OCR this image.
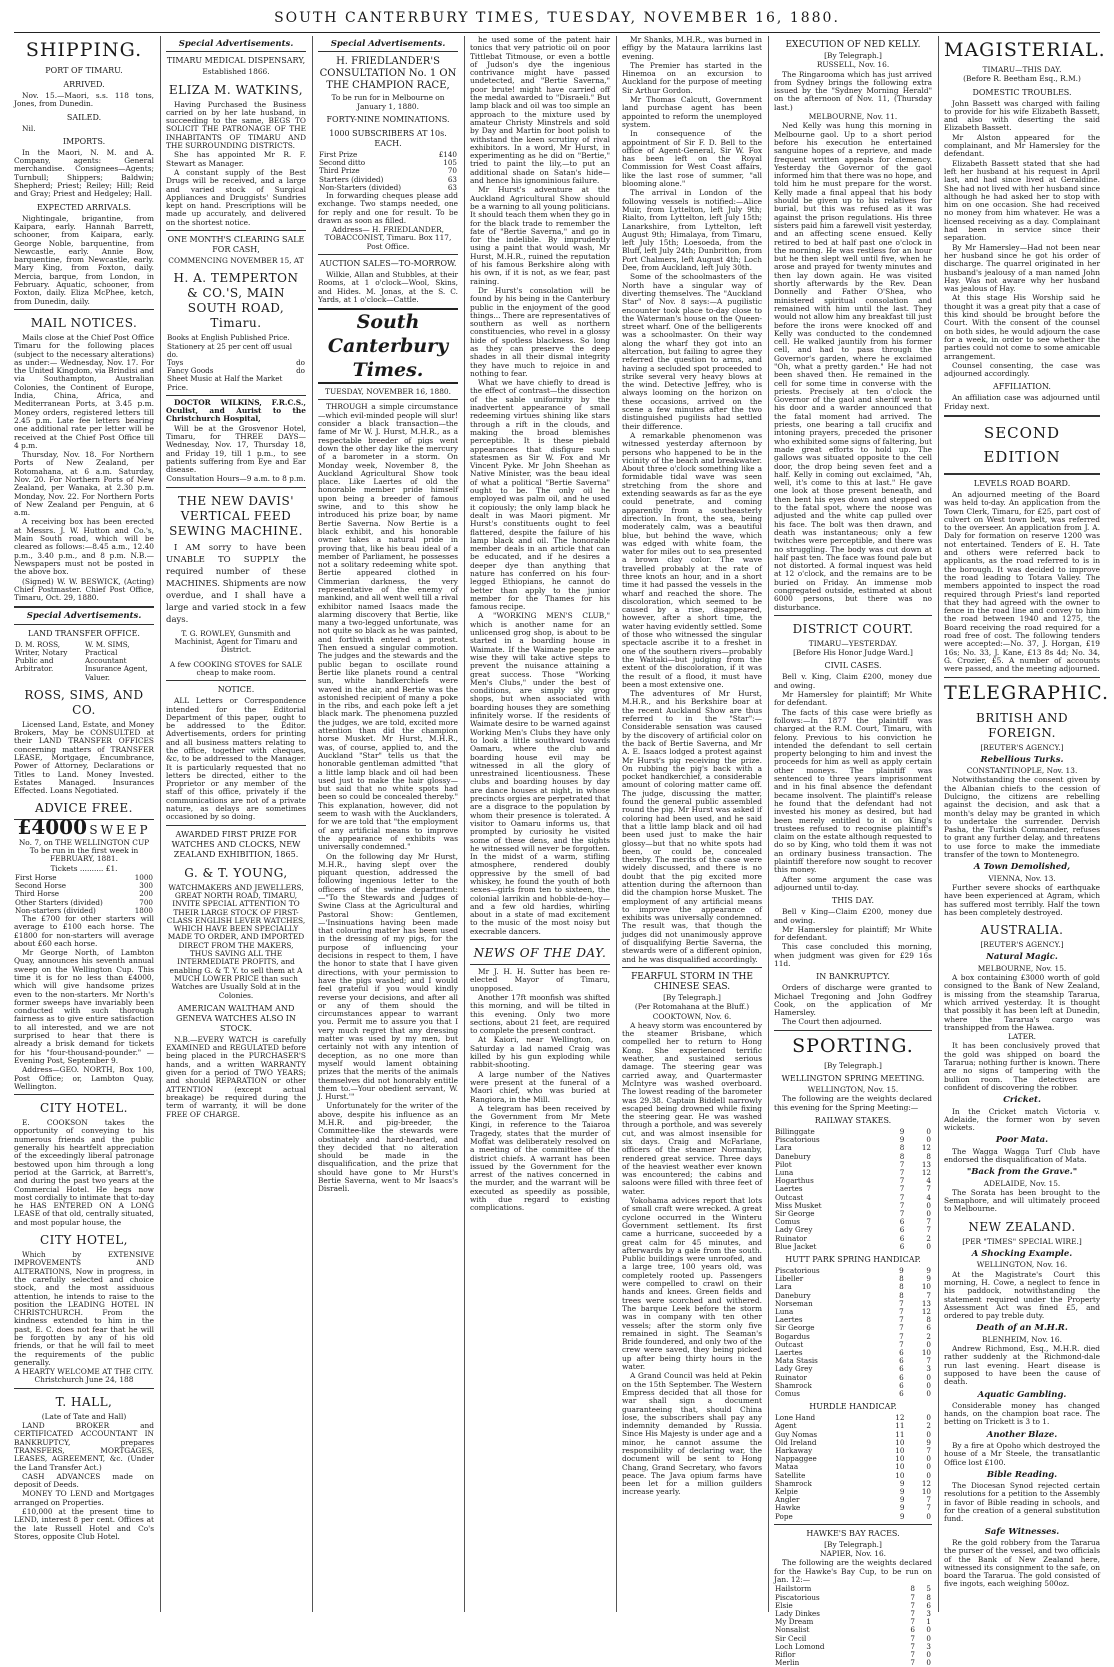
SOUTH CANTERBURY TIMES, TUESDAY, NOVEMBER 16, 1880.
SHIPPING.
PORT OF TIMARU.
ARRIVED.
Nov. 15.—Maori, s.s. 118 tons, Jones, from Dunedin.
SAILED.
Nil.
IMPORTS.
In the Maori, N. M. and A. Company, agents: General merchandise. Consignees—Agents; Turnbull; Shippers; Baldwin; Shepherd; Priest; Reiley; Hill; Reid and Gray; Priest and Hedgeley; Hall.
EXPECTED ARRIVALS.
Nightingale, brigantine, from Kaipara, early. Hannah Barrett, schooner, from Kaipara, early. George Noble, barquentine, from Newcastle, early. Annie Bow, barquentine, from Newcastle, early. Mary King, from Foxton, daily. Mercia, barque, from London, in February. Aquatic, schooner, from Foxton, daily. Eliza McPhee, ketch, from Dunedin, daily.
MAIL NOTICES.
Mails close at the Chief Post Office Timaru for the following places (subject to the necessary alterations) as under:— Wednesday, Nov. 17. For the United Kingdom, via Brindisi and via Southampton, Australian Colonies, the Continent of Europe, India, China, Africa, and Mediterranean Ports, at 3.45 p.m. Money orders, registered letters till 2.45 p.m. Late fee letters bearing one additional rate per letter will be received at the Chief Post Office till 4 p.m.
Thursday, Nov. 18. For Northern Ports of New Zealand, per Rotomahana, at 6 a.m. Saturday, Nov. 20. For Northern Ports of New Zealand, per Wanaka, at 2.30 p.m. Monday, Nov. 22. For Northern Ports of New Zealand per Penguin, at 6 a.m.
A receiving box has been erected at Messrs. J. W. Hutton and Co.'s, Main South road, which will be cleared as follows:—8.45 a.m., 12.40 p.m., 3.40 p.m., and 8 p.m. N.B.—Newspapers must not be posted in the above box.
(Signed) W. W. BESWICK, (Acting) Chief Postmaster. Chief Post Office, Timaru, Oct. 29, 1880.
Special Advertisements.
LAND TRANSFER OFFICE.
D. M. ROSS, Writer, Notary Public and Arbitrator.	W. M. SIMS, Practical Accountant Insurance Agent, Valuer.
ROSS, SIMS, AND CO.
Licensed Land, Estate, and Money Brokers, May be CONSULTED at their LAND TRANSFER OFFICES concerning matters of TRANSFER LEASE, Mortgage, Encumbrance, Power of Attorney, Declarations or Titles to Land. Money Invested. Estates Managed. Insurances Effected. Loans Negotiated.
ADVICE FREE.
£4000 SWEEP
No. 7, on THE WELLINGTON CUP To be run in the first week in FEBRUARY, 1881.
Tickets .......... £1.
First Horse	1000
Second Horse	300
Third Horse	200
Other Starters (divided)	700
Non-starters (divided)	1800
The £700 for other starters will average to £100 each horse. The £1800 for non-starters will average about £60 each horse.
Mr George North, of Lambton Quay, announces his seventh annual sweep on the Wellington Cup. This time it is for no less than £4000, which will give handsome prizes even to the non-starters. Mr North's former sweeps have invariably been conducted with such thorough fairness as to give entire satisfaction to all interested, and we are not surprised to hear that there is already a brisk demand for tickets for his "four-thousand-pounder." — Evening Post, September 9.
Address—GEO. NORTH, Box 100, Post Office; or, Lambton Quay, Wellington.
CITY HOTEL.
E. COOKSON takes the opportunity of conveying to his numerous friends and the public generally his heartfelt appreciation of the exceedingly liberal patronage bestowed upon him through a long period at the Garrick, at Barrett's, and during the past two years at the Commercial Hotel. He begs now most cordially to intimate that to-day he HAS ENTERED ON A LONG LEASE of that old, centrally situated, and most popular house, the
CITY HOTEL,
Which by EXTENSIVE IMPROVEMENTS AND ALTERATIONS, Now in progress, in the carefully selected and choice stock, and the most assiduous attention, he intends to raise to the position the LEADING HOTEL IN CHRISTCHURCH. From the kindness extended to him in the past, E. C. does not fear that he will be forgotten by any of his old friends, or that he will fail to meet the requirements of the public generally.
A HEARTY WELCOME AT THE CITY. Christchurch June 24, 188
T. HALL,
(Late of Tate and Hall)
LAND BROKER and CERTIFICATED ACCOUNTANT IN BANKRUPTCY, prepares TRANSFERS, MORTGAGES, LEASES, AGREEMENT, &c. (Under the Land Transfer Act.)
CASH ADVANCES made on deposit of Deeds.
MONEY TO LEND and Mortgages arranged on Properties.
£10,000 at the present time to LEND, interest 8 per cent. Offices at the late Russell Hotel and Co's Stores, opposite Club Hotel.
Special Advertisements.
TIMARU MEDICAL DISPENSARY,
Established 1866.
ELIZA M. WATKINS,
Having Purchased the Business carried on by her late husband, in succeeding to the same, BEGS TO SOLICIT THE PATRONAGE OF THE INHABITANTS OF TIMARU AND THE SURROUNDING DISTRICTS.
She has appointed Mr R. F. Stewart as Manager.
A constant supply of the Best Drugs will be received, and a large and varied stock of Surgical Appliances and Druggists' Sundries kept on hand. Prescriptions will be made up accurately, and delivered on the shortest notice.
ONE MONTH'S CLEARING SALE FOR CASH,
COMMENCING NOVEMBER 15, AT
H. A. TEMPERTON & CO.'S, MAIN SOUTH ROAD, Timaru.
Books at English Published Price.	
Stationery at 25 per cent off usual do.	
Toys	do
Fancy Goods	do
Sheet Music at Half the Market Price.	
DOCTOR WILKINS, F.R.C.S., Oculist, and Aurist to the Christchurch Hospital,
Will be at the Grosvenor Hotel, Timaru, for THREE DAYS—Wednesday, Nov. 17, Thursday 18, and Friday 19, till 1 p.m., to see patients suffering from Eye and Ear disease.
Consultation Hours—9 a.m. to 8 p.m.
THE NEW DAVIS' VERTICAL FEED SEWING MACHINE.
I AM sorry to have been UNABLE TO SUPPLY the required number of these MACHINES. Shipments are now overdue, and I shall have a large and varied stock in a few days.
T. G. ROWLEY, Gunsmith and Machinist, Agent for Timaru and District.
A few COOKING STOVES for SALE cheap to make room.
NOTICE.
ALL Letters or Correspondence intended for the Editorial Department of this paper, ought to be addressed to the Editor. Advertisements, orders for printing and all business matters relating to the office, together with cheques, &c, to be addressed to the Manager. It is particularly requested that no letters be directed, either to the Proprietor or any member of the staff of this office, privately if the communications are not of a private nature, as delays are sometimes occasioned by so doing.
AWARDED FIRST PRIZE FOR WATCHES AND CLOCKS, NEW ZEALAND EXHIBITION, 1865.
G. & T. YOUNG,
WATCHMAKERS AND JEWELLERS, GREAT NORTH ROAD, TIMARU, INVITE SPECIAL ATTENTION TO THEIR LARGE STOCK OF FIRST-CLASS ENGLISH LEVER WATCHES, WHICH HAVE BEEN SPECIALLY MADE TO ORDER, AND IMPORTED DIRECT FROM THE MAKERS, THUS SAVING ALL THE INTERMEDIATE PROFITS, and enabling G. & T. Y. to sell them at A MUCH LOWER PRICE than such Watches are Usually Sold at in the Colonies.
AMERICAN WALTHAM AND GENEVA WATCHES ALSO IN STOCK.
N.B.—EVERY WATCH is carefully EXAMINED and REGULATED before being placed in the PURCHASER'S hands, and a written WARRANTY given for a period of TWO YEARS; and should REPARATION or other ATTENTION (except actual breakage) be required during the term of warranty, it will be done FREE OF CHARGE.
Special Advertisements.
H. FRIEDLANDER'S CONSULTATION No. 1 ON THE CHAMPION RACE,
To be run for in Melbourne on January 1, 1880.
FORTY-NINE NOMINATIONS.
1000 SUBSCRIBERS AT 10s. EACH.
First Prize	£140
Second ditto	105
Third Prize	70
Starters (divided)	63
Non-Starters (divided)	63
In forwarding cheques please add exchange. Two stamps needed, one for reply and one for result. To be drawn as soon as filled.
Address— H. FRIEDLANDER, TOBACCONIST, Timaru. Box 117, Post Office.
AUCTION SALES—TO-MORROW.
Wilkie, Allan and Stubbles, at their Rooms, at 1 o'clock—Wool, Skins, and Hides. M. Jonas, at the S. C. Yards, at 1 o'clock—Cattle.
South Canterbury Times.
TUESDAY, NOVEMBER 16, 1880.
THROUGH a simple circumstance—which evil-minded people will slur! consider a black transaction—the fame of Mr W. J. Hurst, M.H.R., as a respectable breeder of pigs went down the other day like the mercury of a barometer in a storm. On Monday week, November 8, the Auckland Agricultural Show took place. Like Laertes of old the honorable member pride himself upon being a breeder of famous swine, and to this show he introduced his prize boar, by name Bertie Saverna. Now Bertie is a black exhibit, and his honorable owner takes a natural pride in proving that, like his beau ideal of a member of Parliament, he possesses not a solitary redeeming white spot. Bertie appeared clothed in Cimmerian darkness, the very representative of the enemy of mankind, and all went well till a rival exhibitor named Isaacs made the alarming discovery that Bertie, like many a two-legged unfortunate, was not quite so black as he was painted, and forthwith entered a protest. Then ensued a singular commotion. The judges and the stewards and the public began to oscillate round Bertie like planets round a central sun, white handkerchiefs were waved in the air, and Bertie was the astonished recipient of many a poke in the ribs, and each poke left a jet black mark. The phenomena puzzled the judges, we are told, excited more attention than did the champion horse Musket. Mr Hurst, M.H.R., was, of course, applied to, and the Auckland "Star" tells us that the honorable gentleman admitted "that a little lamp black and oil had been used just to make the hair glossy—but said that no white spots had been so could be concealed thereby." This explanation, however, did not seem to wash with the Aucklanders, for we are told that "the employment of any artificial means to improve the appearance of exhibits was universally condemned."
On the following day Mr Hurst, M.H.R., having slept over the piquant question, addressed the following ingenious letter to the officers of the swine department:—"To the Stewards and Judges of Swine Class at the Agricultural and Pastoral Show: Gentlemen,—'Insinuations having been made that colouring matter has been used in the dressing of my pigs, for the purpose of influencing your decisions in respect to them, I have the honor to state that I have given directions, with your permission to have the pigs washed; and I would feel grateful if you would kindly reverse your decisions, and after all or any of them should the circumstances appear to warrant you. Permit me to assure you that I very much regret that any dressing matter was used by my men, but certainly not with any intention of deception, as no one more than myself would lament obtaining prizes that the merits of the animals themselves did not honorably entitle them to.—Your obedient servant, W. J. Hurst.'"
Unfortunately for the writer of the above, despite his influence as an M.H.R. and pig-breeder, the Committee-like the stewards were obstinately and hard-hearted, and they decided that no alteration should be made in the disqualification, and the prize that should have gone to Mr Hurst's Bertie Saverna, went to Mr Isaacs's Disraeli.
he used some of the patent hair tonics that very patriotic oil on poor Tittlebat Titmouse, or even a bottle of Judson's dye the ingenious contrivance might have passed undetected, and "Bertie Saverna," poor brute! might have carried off the medal awarded to "Disraeli." But lamp black and oil was too simple an approach to the mixture used by amateur Christy Minstrels and sold by Day and Martin for boot polish to withstand the keen scrutiny of rival exhibitors. In a word, Mr Hurst, in experimenting as he did on "Bertie," tried to paint the lily,—to put an additional shade on Satan's hide—and hence his ignominious failure.
Mr Hurst's adventure at the Auckland Agricultural Show should be a warning to all young politicians. It should teach them when they go in for the black trade to remember the fate of "Bertie Saverna," and go in for the indelible. By imprudently using a paint that would wash, Mr Hurst, M.H.R., ruined the reputation of his famous Berkshire along with his own, if it is not, as we fear, past raining.
Dr Hurst's consolation will be found by his being in the Canterbury public in the enjoyment of the good things... There are representatives of southern as well as northern constituencies, who revel in a glossy hide of spotless blackness. So long as they can preserve the deep shades in all their dismal integrity they have much to rejoice in and nothing to fear.
What we have chiefly to dread is the effect of contrast—the dissection of the sable uniformity by the inadvertent appearance of small redeeming virtues shining like stars through a rift in the clouds, and making the broad blemishes perceptible. It is these piebald appearances that disfigure such statesmen as Sir W. Fox and Mr Vincent Pyke. Mr John Sheehan as Native Minister, was the beau ideal of what a political "Bertie Saverna" ought to be. The only oil he employed was palm oil, and he used it copiously; the only lamp black he dealt in was Maori pigment. Mr Hurst's constituents ought to feel flattered, despite the failure of his lamp black and oil. The honorable member deals in an article that can be educated, and if he desires a deeper dye than anything that nature has conferred on his four-legged Ethiopians, he cannot do better than apply to the junior member for the Thames for his famous recipe.
A "WORKING MEN'S CLUB," which is another name for an unlicensed grog shop, is about to be started in a boarding house in Waimate. If the Waimate people are wise they will take active steps to prevent the nuisance attaining a great success. Those "Working Men's Clubs," under the best of conditions, are simply sly grog shops, but when associated with boarding houses they are something infinitely worse. If the residents of Waimate desire to be warned against Working Men's Clubs they have only to look a little southward towards Oamaru, where the club and boarding house evil may be witnessed in all the glory of unrestrained licentiousness. These clubs and boarding houses by day are dance houses at night, in whose precincts orgies are perpetrated that are a disgrace to the population by whom their presence is tolerated. A visitor to Oamaru informs us, that prompted by curiosity he visited some of these dens, and the sights he witnessed will never be forgotten. In the midst of a warm, stifling atmosphere, rendered doubly oppressive by the smell of bad whiskey, he found the youth of both sexes—girls from ten to sixteen, the colonial larrikin and hobble-de-hoy—and a few old hardies, whirling about in a state of mad excitement to the music of the most noisy but execrable dancers.
NEWS OF THE DAY.
Mr J. H. H. Sutter has been re-elected Mayor of Timaru, unopposed.
Another 17ft moonfish was shifted this morning, and will be tilted in this evening. Only two more sections, about 21 feet, are required to complete the present contract.
At Kaiori, near Wellington, on Saturday a lad named Craig was killed by his gun exploding while rabbit-shooting.
A large number of the Natives were present at the funeral of a Maori chief, who was buried at Rangiora, in the Mill.
A telegram has been received by the Government from Mr Mete Kingi, in reference to the Taiaroa Tragedy, states that the murder of Moffat was deliberately resolved on a meeting of the committee of the district chiefs. A warrant has been issued by the Government for the arrest of the natives concerned in the murder, and the warrant will be executed as speedily as possible, with due regard to existing complications.
Mr Shanks, M.H.R., was burned in effigy by the Mataura larrikins last evening.
The Premier has started in the Hinemoa on an excursion to Auckland for the purpose of meeting Sir Arthur Gordon.
Mr Thomas Calcutt, Government land purchase agent has been appointed to reform the unemployed system.
In consequence of the appointment of Sir F. D. Bell to the office of Agent-General, Sir W. Fox has been left on the Royal Commission for West Coast affairs, like the last rose of summer, "all blooming alone."
The arrival in London of the following vessels is notified:—Alice Muir, from Lyttelton, left July 9th; Rialto, from Lyttelton, left July 15th; Lanarkshire, from Lyttelton, left August 9th; Himalaya, from Timaru, left July 15th; Loesoeda, from the Bluff, left July 24th; Dunbritton, from Port Chalmers, left August 4th; Loch Dee, from Auckland, left July 30th.
Some of the schoolmasters of the North have a singular way of diverting themselves. The "Auckland Star" of Nov. 8 says:—A pugilistic encounter took place to-day close to the Waterman's house on the Queen-street wharf. One of the belligerents was a schoolmaster. On their way along the wharf they got into an altercation, but failing to agree they referred the question to arms, and having a secluded spot proceeded to strike several very heavy blows at the wind. Detective Jeffrey, who is always looming on the horizon on these occasions, arrived on the scene a few minutes after the two distinguished pugilists had settled their difference.
A remarkable phenomenon was witnessed yesterday afternoon by persons who happened to be in the vicinity of the beach and breakwater. About three o'clock something like a formidable tidal wave was seen stretching from the shore and extending seawards as far as the eye could penetrate, and coming apparently from a southeasterly direction. In front, the sea, being moderately calm, was a beautiful blue, but behind the wave, which was edged with white foam, the water for miles out to sea presented a brown clay color. The wave travelled probably at the rate of three knots an hour, and in a short time it had passed the vessels in the wharf and reached the shore. The discoloration, which seemed to be caused by a rise, disappeared, however, after a short time, the water having evidently settled. Some of those who witnessed the singular spectacle ascribe it to a freshet in one of the southern rivers—probably the Waitaki—but judging from the extent of the discoloration, if it was the result of a flood, it must have been a most extensive one.
The adventures of Mr Hurst, M.H.R., and his Berkshire boar at the recent Auckland Show are thus referred to in the "Star":—Considerable sensation was caused by the discovery of artificial color on the back of Bertie Saverna, and Mr A. E. Isaacs lodged a protest against Mr Hurst's pig receiving the prize. On rubbing the pig's back with a pocket handkerchief, a considerable amount of coloring matter came off. The judge, discussing the matter, found the general public assembled round the pig. Mr Hurst was asked if coloring had been used, and he said that a little lamp black and oil had been used just to make the hair glossy—but that no white spots had been, or could be, concealed thereby. The merits of the case were widely discussed, and there is no doubt that the pig excited more attention during the afternoon than did the champion horse Musket. The employment of any artificial means to improve the appearance of exhibits was universally condemned. The result was, that though the judges did not unanimously approve of disqualifying Bertie Saverna, the stewards were of a different opinion, and he was disqualified accordingly.
FEARFUL STORM IN THE CHINESE SEAS.
[By Telegraph.]
(Per Rotomahana at the Bluff.)
COOKTOWN, Nov. 6.
A heavy storm was encountered by the steamer Brisbane, which compelled her to return to Hong Kong. She experienced terrific weather, and sustained serious damage. The steering gear was carried away, and Quartermaster McIntyre was washed overboard. The lowest reading of the barometer was 29.38. Captain Biddell narrowly escaped being drowned while fixing the steering gear. He was washed through a porthole, and was severely cut, and was almost insensible for six days. Craig and McFarlane, officers of the steamer Normanby, rendered great service. Three days of the heaviest weather ever known was encountered; the cabins and saloons were filled with three feet of water.
Yokohama advices report that lots of small craft were wrecked. A great cyclone occurred in the Winteru Government settlement. Its first came a hurricane, succeeded by a great calm for 45 minutes, and afterwards by a gale from the south. Public buildings were unroofed, and a large tree, 100 years old, was completely rooted up. Passengers were compelled to crawl on their hands and knees. Green fields and trees were scorched and withered. The barque Leek before the storm was in company with ten other vessels; after the storm only five remained in sight. The Seaman's Bride foundered, and only two of the crew were saved, they being picked up after being thirty hours in the water.
A Grand Council was held at Pekin on the 15th September. The Western Empress decided that all those for war shall sign a document guaranteeing that, should China lose, the subscribers shall pay any indemnity demanded by Russia. Since His Majesty is under age and a minor, he cannot assume the responsibility of declaring war, the document will be sent to Hong Chang, Grand Secretary, who favors peace. The Java opium farms have been let for a million guilders increase yearly.
EXECUTION OF NED KELLY.
[By Telegraph.]
RUSSELL, Nov. 16.
The Ringarooma which has just arrived from Sydney brings the following extra issued by the "Sydney Morning Herald" on the afternoon of Nov. 11, (Thursday last.)
MELBOURNE, Nov. 11.
Ned Kelly was hung this morning in Melbourne gaol. Up to a short period before his execution he entertained sanguine hopes of a reprieve, and made frequent written appeals for clemency. Yesterday the Governor of the gaol informed him that there was no hope, and told him he must prepare for the worst. Kelly made a final appeal that his body should be given up to his relatives for burial, but this was refused as it was against the prison regulations. His three sisters paid him a farewell visit yesterday, and an affecting scene ensued. Kelly retired to bed at half past one o'clock in the morning. He was restless for an hour but he then slept well until five, when he arose and prayed for twenty minutes and then lay down again. He was visited shortly afterwards by the Rev. Dean Donnelly and Father O'Shea, who ministered spiritual consolation and remained with him until the last. They would not allow him any breakfast till just before the irons were knocked off and Kelly was conducted to the condemned cell. He walked jauntily from his former cell, and had to pass through the Governor's garden, where he exclaimed "Oh, what a pretty garden." He had not been shaved then. He remained in the cell for some time in converse with the priests. Precisely at ten o'clock the Governor of the gaol and sheriff went to his door and a warder announced that the fatal moment had arrived. The priests, one bearing a tall crucifix and intoning prayers, preceded the prisoner who exhibited some signs of faltering, but made great efforts to hold up. The gallows was situated opposite to the cell door, the drop being seven feet and a half. Kelly in coming out exclaimed, "Ah, well, it's come to this at last." He gave one look at those present beneath, and then bent his eyes down and stepped on to the fatal spot, where the noose was adjusted and the white cap pulled over his face. The bolt was then drawn, and death was instantaneous; only a few twitches were perceptible, and there was no struggling. The body was cut down at half past ten. The face was found pale but not distorted. A formal inquest was held at 12 o'clock, and the remains are to be buried on Friday. An immense mob congregated outside, estimated at about 6000 persons, but there was no disturbance.
DISTRICT COURT.
TIMARU—YESTERDAY.
[Before His Honor Judge Ward.]
CIVIL CASES.
Bell v. King, Claim £200, money due and owing.
Mr Hamersley for plaintiff; Mr White for defendant.
The facts of this case were briefly as follows:—In 1877 the plaintiff was charged at the R.M. Court, Timaru, with felony. Previous to his conviction he intended the defendant to sell certain property belonging to him and invest the proceeds for him as well as apply certain other moneys. The plaintiff was sentenced to three years imprisonment and in his final absence the defendant became insolvent. The plaintiff's release he found that the defendant had not invested his money as desired, but had been merely entitled to it on King's trustees refused to recognise plaintiff's claim on the estate although requested to do so by King, who told them it was not an ordinary business transaction. The plaintiff therefore now sought to recover this money.
After some argument the case was adjourned until to-day.
THIS DAY.
Bell v King—Claim £200, money due and owing.
Mr Hamersley for plaintiff; Mr White for defendant.
This case concluded this morning, when judgment was given for £29 16s 11d.
IN BANKRUPTCY.
Orders of discharge were granted to Michael Tregoning and John Godfrey Cook, on the application of Mr Hamersley.
The Court then adjourned.
SPORTING.
[By Telegraph.]
WELLINGTON SPRING MEETING.
WELLINGTON, Nov. 15.
The following are the weights declared this evening for the Spring Meeting:—
RAILWAY STAKES.
Billinggate	9	0
Piscatorious	9	0
Lara	8	12
Danebury	8	8
Pilot	7	13
Luna	7	12
Hogarthus	7	4
Laertes	7	7
Outcast	7	4
Miss Musket	7	0
Sir George	7	0
Comus	6	7
Lady Grey	6	7
Ruinator	6	2
Blue Jacket	6	0
HUTT PARK SPRING HANDICAP.
Piscatorious	9	9
Libeller	8	9
Lara	8	10
Danebury	8	7
Norseman	7	13
Luna	7	12
Laertes	7	8
Sir George	7	6
Bogardus	7	2
Outcast	7	0
Laertes	6	10
Mata Stasis	6	7
Lady Grey	6	3
Ruinator	6	0
Shamrock	6	0
Comus	6	0
HURDLE HANDICAP.
Lone Hand	12	0
Agent	11	2
Guy Nomas	11	0
Old Ireland	10	9
Harkaway	10	7
Nappaggee	10	0
Mataa	10	0
Satellite	10	0
Shamrock	9	12
Kelpie	9	10
Angler	9	7
Hawke	9	7
Pope	9	0
HAWKE'S BAY RACES.
[By Telegraph.]
NAPIER, Nov. 16.
The following are the weights declared for the Hawke's Bay Cup, to be run on Jan. 12:—
Hailstorm	8	5
Piscatorious	7	8
Elsie	7	6
Lady Dinkes	7	3
My Dream	7	1
Nonsalist	6	0
Sir Cecil	7	0
Loch Lomond	7	3
Riflor	7	0
Merlin	7	0
MAGISTERIAL.
TIMARU—THIS DAY.
(Before R. Beetham Esq., R.M.)
DOMESTIC TROUBLES.
John Bassett was charged with failing to provide for his wife Elizabeth Bassett, and also with deserting the said Elizabeth Bassett.
Mr Alston appeared for the complainant, and Mr Hamersley for the defendant.
Elizabeth Bassett stated that she had left her husband at his request in April last, and had since lived at Geraldine. She had not lived with her husband since although he had asked her to stop with him on one occasion. She had received no money from him whatever. He was a licensed receiving as a day. Complainant had been in service since their separation.
By Mr Hamersley—Had not been near her husband since he got his order of discharge. The quarrel originated in her husband's jealousy of a man named John Hay. Was not aware why her husband was jealous of Hay.
At this stage His Worship said he thought it was a great pity that a case of this kind should be brought before the Court. With the consent of the counsel on both sides, he would adjourn the case for a week, in order to see whether the parties could not come to some amicable arrangement.
Counsel consenting, the case was adjourned accordingly.
AFFILIATION.
An affiliation case was adjourned until Friday next.
SECOND EDITION
LEVELS ROAD BOARD.
An adjourned meeting of the Board was held to-day. An application from the Town Clerk, Timaru, for £25, part cost of culvert on West town belt, was referred to the overseer. An application from J. A. Daly for formation on reserve 1200 was not entertained. Tenders of E. H. Tate and others were referred back to applicants, as the road referred to is in the borough. It was decided to improve the road leading to Totara Valley. The members appointed to inspect the road required through Priest's land reported that they had agreed with the owner to fence in the road line and convey to him the road between 1940 and 1275, the Board receiving the road required for a road free of cost. The following tenders were accepted:—No. 37, J. Horgan, £19 16s; No. 33, J. Kane, £13 8s 4d; No. 34, G. Crozier, £5. A number of accounts were passed, and the meeting adjourned.
TELEGRAPHIC.
BRITISH AND FOREIGN.
[REUTER'S AGENCY.]
Rebellious Turks.
CONSTANTINOPLE, Nov. 13.
Notwithstanding the consent given by the Albanian chiefs to the cession of Dulcigno, the citizens are rebelling against the decision, and ask that a month's delay may be granted in which to undertake the surrender. Dervish Pasha, the Turkish Commander, refuses to grant any further delay, and threatens to use force to make the immediate transfer of the town to Montenegro.
A Town Demolished,
VIENNA, Nov. 13.
Further severe shocks of earthquake have been experienced at Agram, which has suffered most terribly. Half the town has been completely destroyed.
AUSTRALIA.
[REUTER'S AGENCY.]
Natural Magic.
MELBOURNE, Nov. 15.
A box containing £3000 worth of gold consigned to the Bank of New Zealand, is missing from the steamship Tararua, which arrived yesterday. It is thought that possibly it has been left at Dunedin, where the Tararua's cargo was transhipped from the Hawea.
LATER.
It has been conclusively proved that the gold was shipped on board the Tararua; nothing further is known. There are no signs of tampering with the bullion room. The detectives are confident of discovering the robber.
Cricket.
In the Cricket match Victoria v. Adelaide, the former won by seven wickets.
Poor Mata.
The Wagga Wagga Turf Club have endorsed the disqualification of Mata.
"Back from the Grave."
ADELAIDE, Nov. 15.
The Sorata has been brought to the Semaphore, and will ultimately proceed to Melbourne.
NEW ZEALAND.
[PER "TIMES" SPECIAL WIRE.]
A Shocking Example.
WELLINGTON, Nov. 16.
At the Magistrate's Court this morning, H. Cowe, a neglect to fence in his paddock, notwithstanding the statement required under the Property Assessment Act was fined £5, and ordered to pay treble duty.
Death of an M.H.R.
BLENHEIM, Nov. 16.
Andrew Richmond, Esq., M.H.R. died rather suddenly at the Richmond-dale run last evening. Heart disease is supposed to have been the cause of death.
Aquatic Gambling.
Considerable money has changed hands, on the champion boat race. The betting on Trickett is 3 to 1.
Another Blaze.
By a fire at Opoho which destroyed the house of a Mr Steele, the transatlantic Office lost £100.
Bible Reading.
The Diocesan Synod rejected certain resolutions for a petition to the Assembly in favor of Bible reading in schools, and for the creation of a general substitution fund.
Safe Witnesses.
Re the gold robbery from the Tararua the purser of the vessel, and two officials of the Bank of New Zealand here, witnessed its consignment to the safe, on board the Tararua. The gold consisted of five ingots, each weighing 500oz.
